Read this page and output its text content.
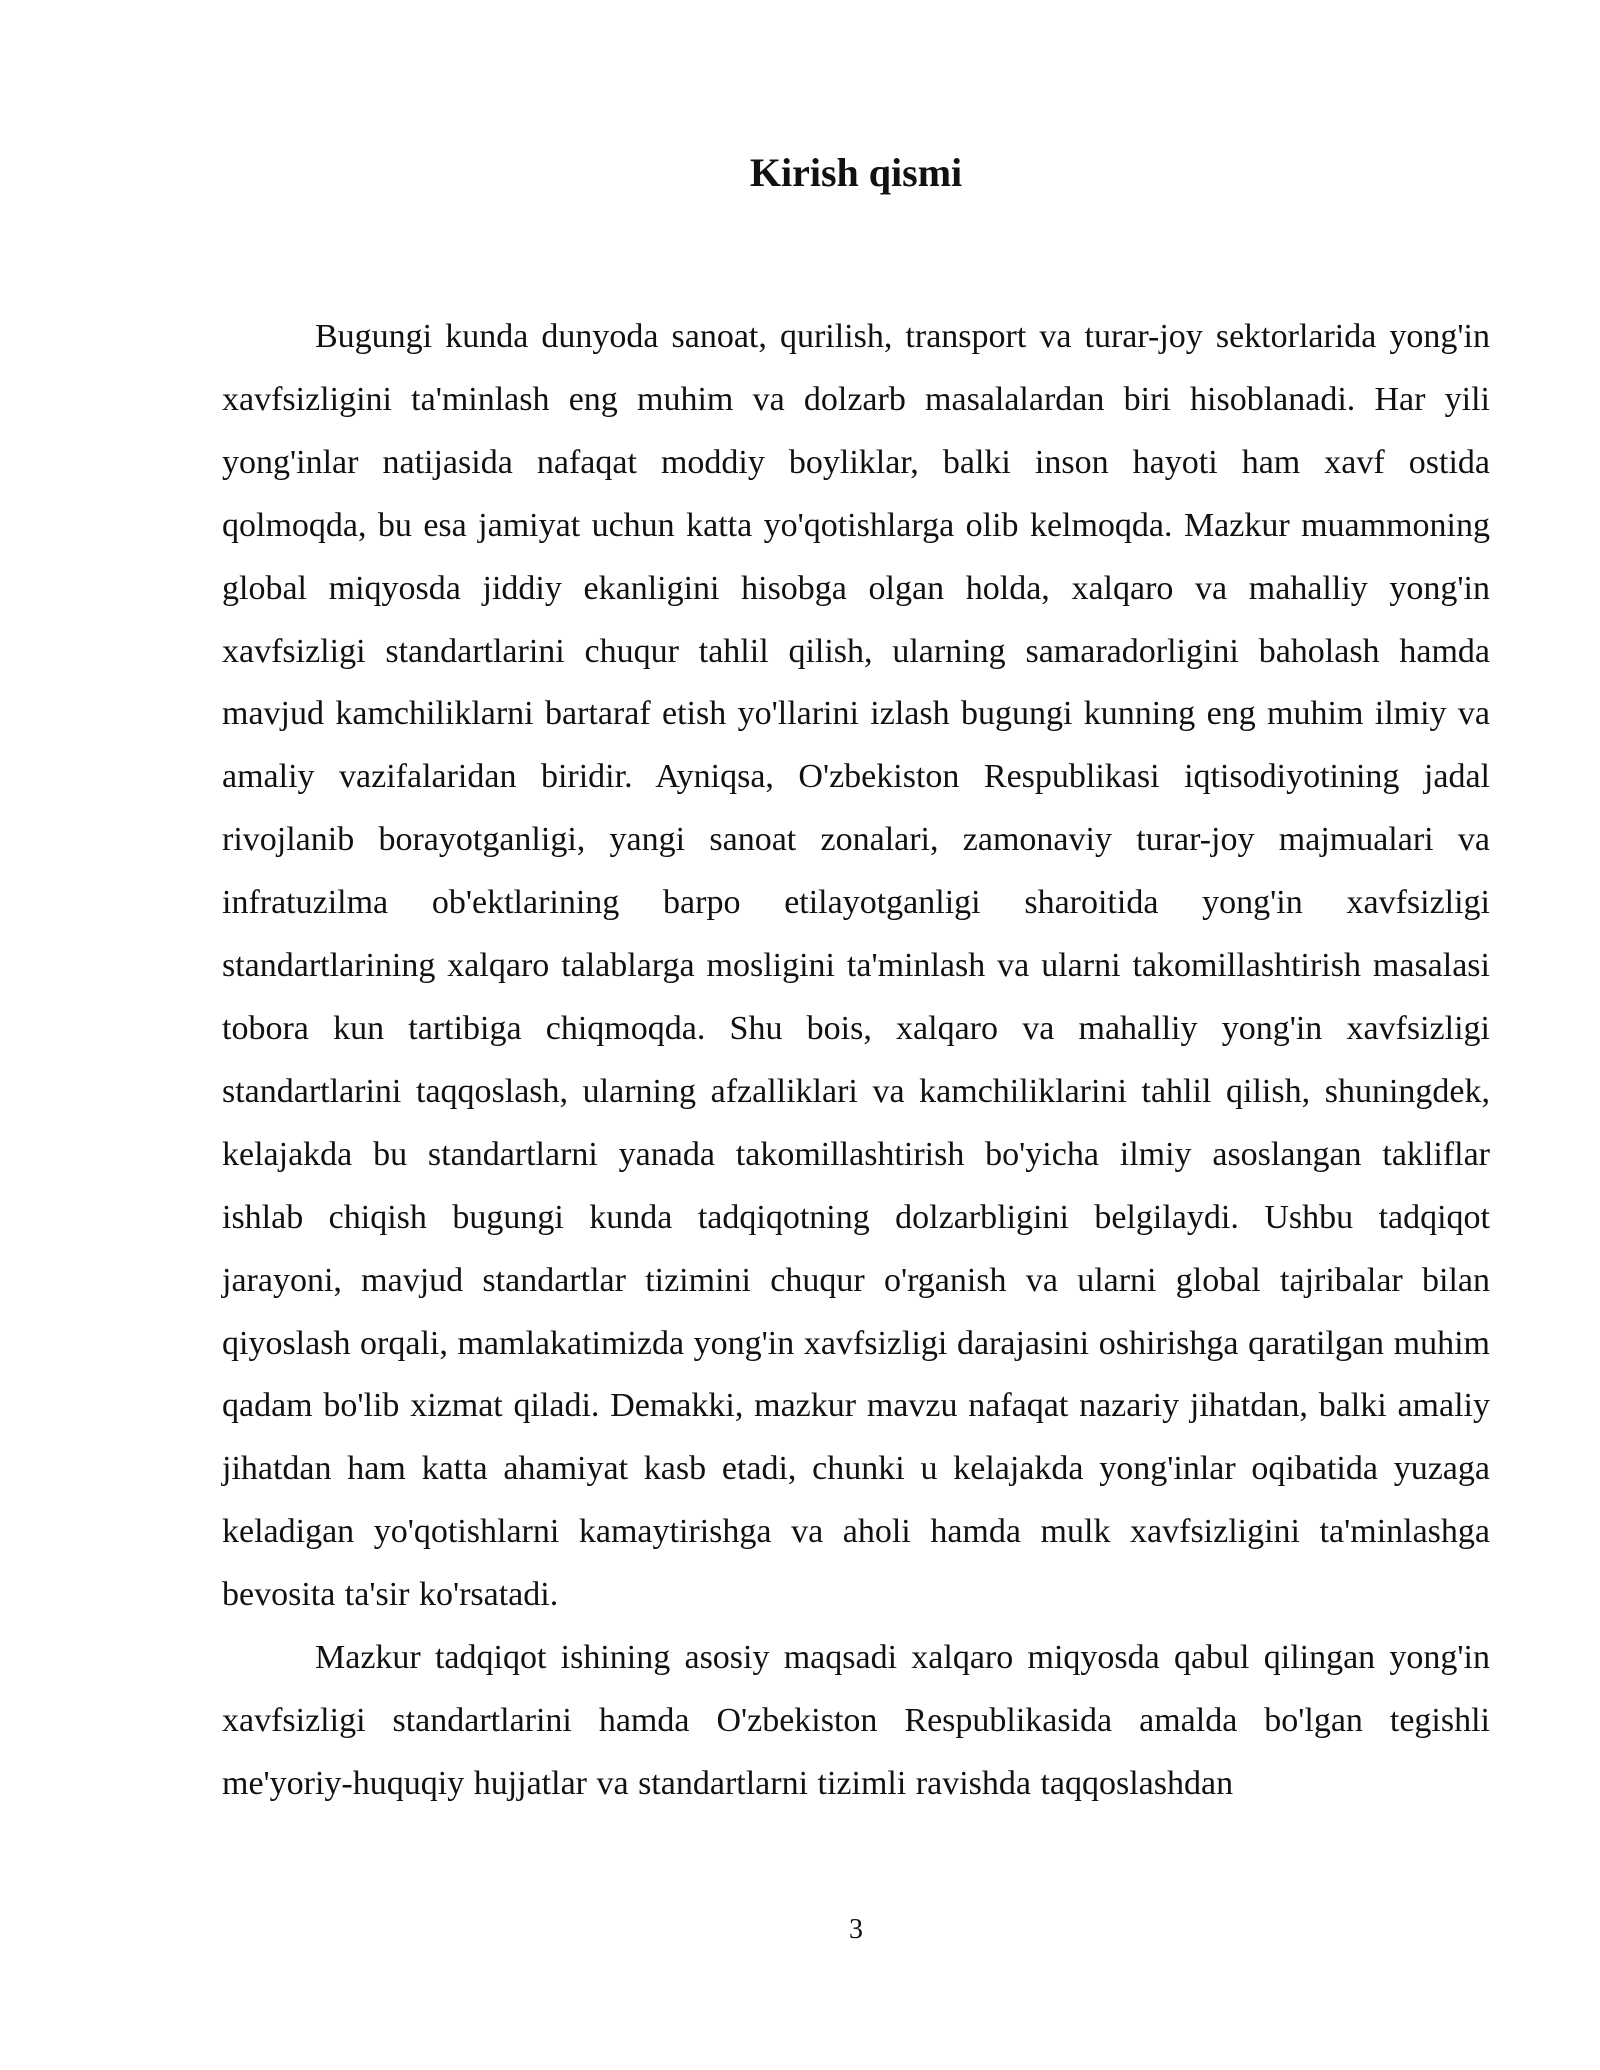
Kirish qismi

Bugungi kunda dunyoda sanoat, qurilish, transport va turar-joy sektorlarida yong'in xavfsizligini ta'minlash eng muhim va dolzarb masalalardan biri hisoblanadi. Har yili yong'inlar natijasida nafaqat moddiy boyliklar, balki inson hayoti ham xavf ostida qolmoqda, bu esa jamiyat uchun katta yo'qotishlarga olib kelmoqda. Mazkur muammoning global miqyosda jiddiy ekanligini hisobga olgan holda, xalqaro va mahalliy yong'in xavfsizligi standartlarini chuqur tahlil qilish, ularning samaradorligini baholash hamda mavjud kamchiliklarni bartaraf etish yo'llarini izlash bugungi kunning eng muhim ilmiy va amaliy vazifalaridan biridir. Ayniqsa, O'zbekiston Respublikasi iqtisodiyotining jadal rivojlanib borayotganligi, yangi sanoat zonalari, zamonaviy turar-joy majmualari va infratuzilma ob'ektlarining barpo etilayotganligi sharoitida yong'in xavfsizligi standartlarining xalqaro talablarga mosligini ta'minlash va ularni takomillashtirish masalasi tobora kun tartibiga chiqmoqda. Shu bois, xalqaro va mahalliy yong'in xavfsizligi standartlarini taqqoslash, ularning afzalliklari va kamchiliklarini tahlil qilish, shuningdek, kelajakda bu standartlarni yanada takomillashtirish bo'yicha ilmiy asoslangan takliflar ishlab chiqish bugungi kunda tadqiqotning dolzarbligini belgilaydi. Ushbu tadqiqot jarayoni, mavjud standartlar tizimini chuqur o'rganish va ularni global tajribalar bilan qiyoslash orqali, mamlakatimizda yong'in xavfsizligi darajasini oshirishga qaratilgan muhim qadam bo'lib xizmat qiladi. Demakki, mazkur mavzu nafaqat nazariy jihatdan, balki amaliy jihatdan ham katta ahamiyat kasb etadi, chunki u kelajakda yong'inlar oqibatida yuzaga keladigan yo'qotishlarni kamaytirishga va aholi hamda mulk xavfsizligini ta'minlashga bevosita ta'sir ko'rsatadi.

Mazkur tadqiqot ishining asosiy maqsadi xalqaro miqyosda qabul qilingan yong'in xavfsizligi standartlarini hamda O'zbekiston Respublikasida amalda bo'lgan tegishli me'yoriy-huquqiy hujjatlar va standartlarni tizimli ravishda taqqoslashdan

3
